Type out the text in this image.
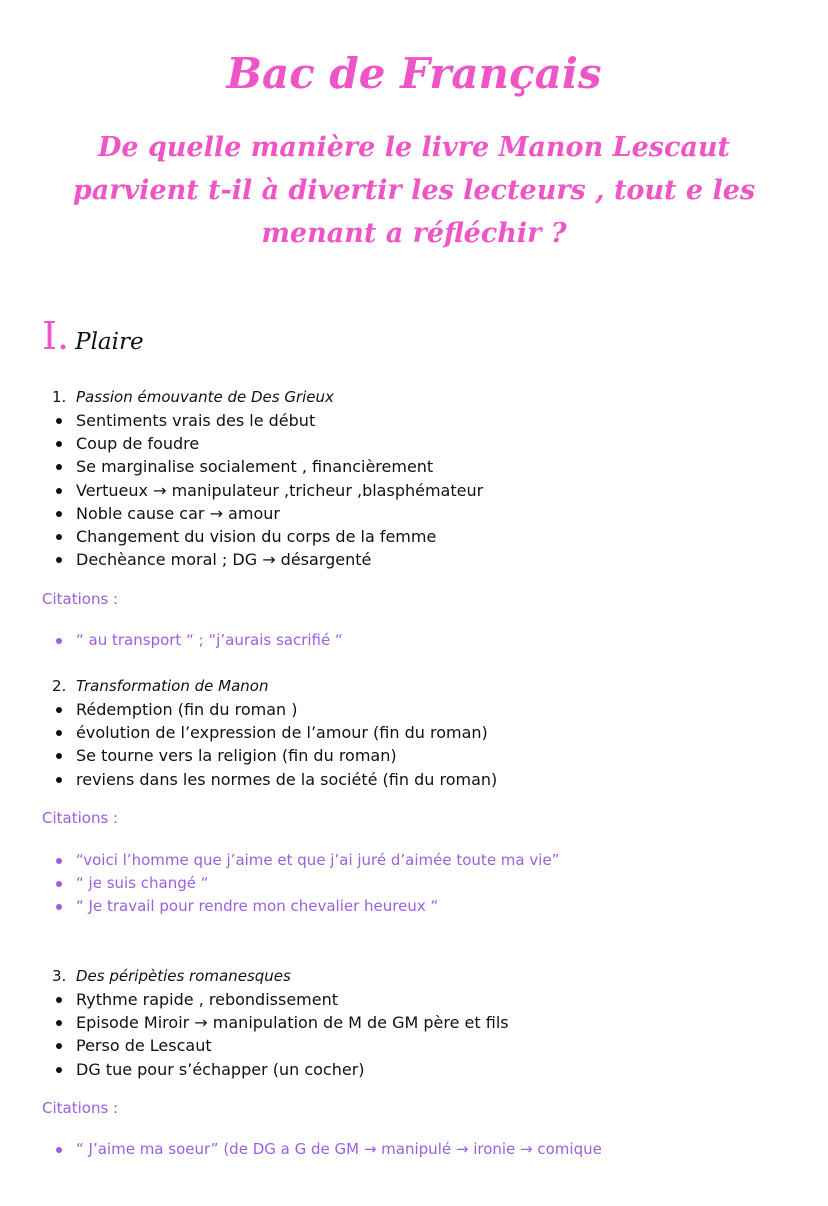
Bac de Français
De quelle manière le livre Manon Lescaut parvient t-il à divertir les lecteurs , tout e les menant a réfléchir ?
I. Plaire
1. Passion émouvante de Des Grieux
Sentiments vrais des le début
Coup de foudre
Se marginalise socialement , financièrement
Vertueux → manipulateur ,tricheur ,blasphémateur
Noble cause car → amour
Changement du vision du corps de la femme
Dechèance moral ; DG → désargenté

Citations :

“ au transport “ ; “j’aurais sacrifié “
2. Transformation de Manon
Rédemption (fin du roman )
évolution de l’expression de l’amour (fin du roman)
Se tourne vers la religion (fin du roman)
reviens dans les normes de la société (fin du roman)

Citations :

“voici l’homme que j’aime et que j’ai juré d’aimée toute ma vie”
“ je suis changé “
“ Je travail pour rendre mon chevalier heureux “
3. Des péripèties romanesques
Rythme rapide , rebondissement
Episode Miroir → manipulation de M de GM père et fils
Perso de Lescaut
DG tue pour s’échapper (un cocher)

Citations :

“ J’aime ma soeur” (de DG a G de GM → manipulé → ironie → comique
